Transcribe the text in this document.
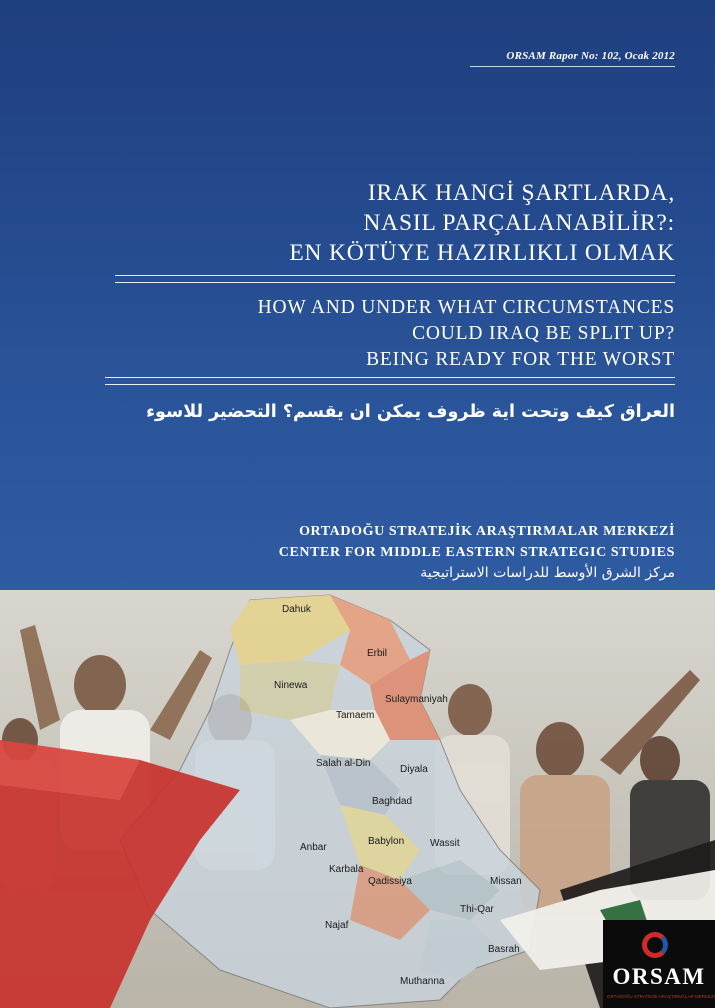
ORSAM Rapor No: 102, Ocak 2012
IRAK HANGİ ŞARTLARDA,
NASIL PARÇALANABİLİR?:
EN KÖTÜYE HAZIRLIKLI OLMAK
HOW AND UNDER WHAT CIRCUMSTANCES
COULD IRAQ BE SPLIT UP?
BEING READY FOR THE WORST
العراق كيف وتحت اية ظروف يمكن ان يقسم؟ التحضير للاسوء
ORTADOĞU STRATEJİK ARAŞTIRMALAR MERKEZİ
CENTER FOR MIDDLE EASTERN STRATEGIC STUDIES
مركز الشرق الأوسط للدراسات الاستراتيجية
Dahuk
Erbil
Ninewa
Tamaem
Sulaymaniyah
Salah al-Din
Diyala
Baghdad
Anbar
Babylon	Wassit
Karbala
Qadissiya
Najaf
Missan
Thi-Qar
Basrah
Muthanna	ORSAM
ORTADOĞU STRATEJİK ARAŞTIRMALAR MERKEZİ
